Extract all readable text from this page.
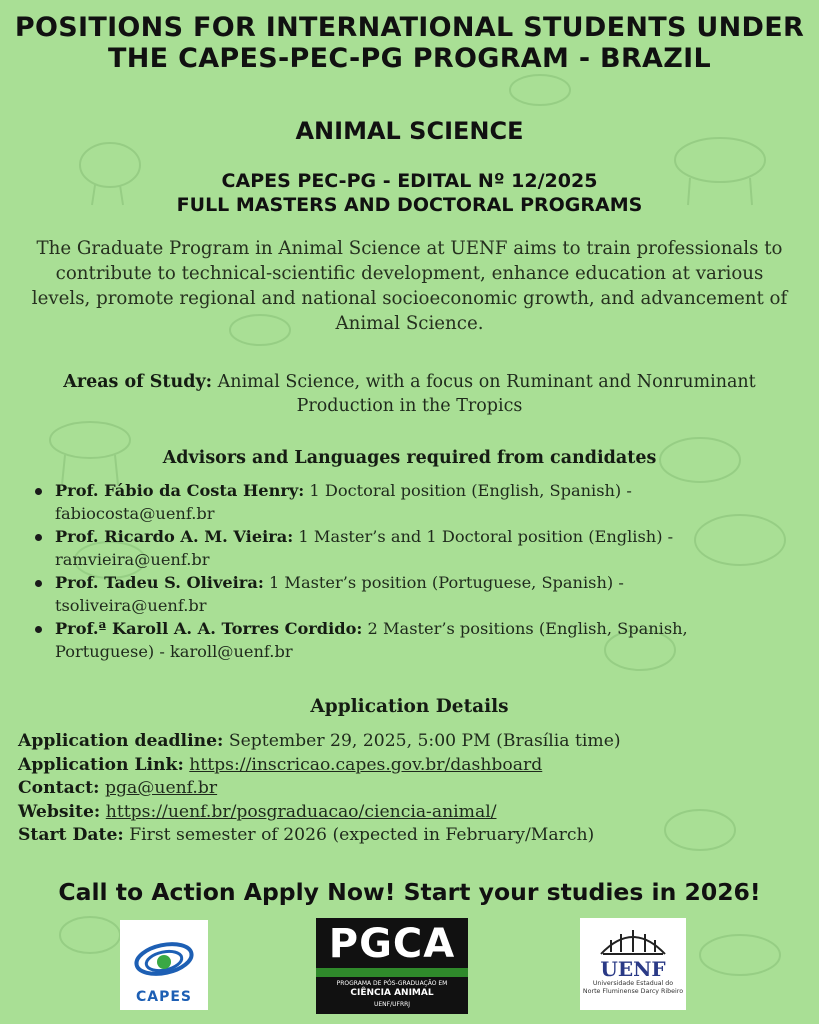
POSITIONS FOR INTERNATIONAL STUDENTS UNDER THE CAPES-PEC-PG PROGRAM - BRAZIL
ANIMAL SCIENCE
CAPES PEC-PG - EDITAL Nº 12/2025
FULL MASTERS AND DOCTORAL PROGRAMS

The Graduate Program in Animal Science at UENF aims to train professionals to contribute to technical-scientific development, enhance education at various levels, promote regional and national socioeconomic growth, and advancement of Animal Science.

Areas of Study: Animal Science, with a focus on Ruminant and Nonruminant Production in the Tropics

Advisors and Languages required from candidates
Prof. Fábio da Costa Henry: 1 Doctoral position (English, Spanish) - fabiocosta@uenf.br
Prof. Ricardo A. M. Vieira: 1 Master’s and 1 Doctoral position (English) - ramvieira@uenf.br
Prof. Tadeu S. Oliveira: 1 Master’s position (Portuguese, Spanish) - tsoliveira@uenf.br
Prof.ª Karoll A. A. Torres Cordido: 2 Master’s positions (English, Spanish, Portuguese) - karoll@uenf.br
Application Details
Application deadline: September 29, 2025, 5:00 PM (Brasília time)
Application Link: https://inscricao.capes.gov.br/dashboard
Contact: pga@uenf.br
Website: https://uenf.br/posgraduacao/ciencia-animal/
Start Date: First semester of 2026 (expected in February/March)

Call to Action Apply Now! Start your studies in 2026!

CAPES
PGCA
PROGRAMA DE PÓS-GRADUAÇÃO EM
CIÊNCIA ANIMAL
UENF/UFRRJ
UENF
Universidade Estadual do
Norte Fluminense Darcy Ribeiro
